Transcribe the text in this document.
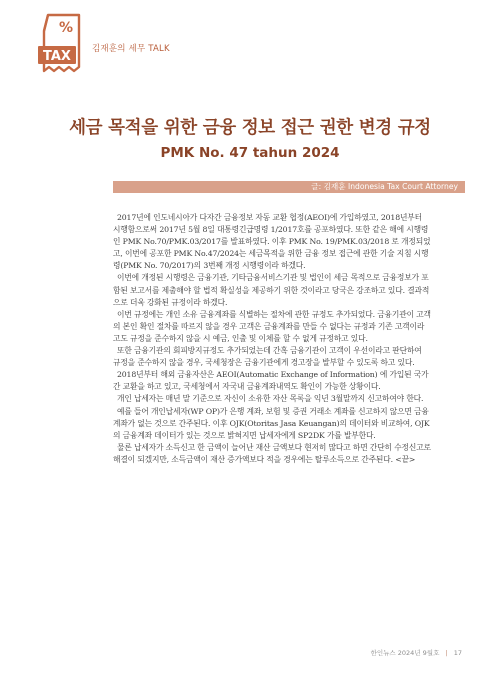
%
TAX 김재훈의 세무 TALK
세금 목적을 위한 금융 정보 접근 권한 변경 규정
PMK No. 47 tahun 2024
글: 김재훈 Indonesia Tax Court Attorney

2017년에 인도네시아가 다자간 금융정보 자동 교환 협정(AEOI)에 가입하였고, 2018년부터 시행함으로써 2017년 5월 8일 대통령긴급명령 1/2017호를 공포하였다. 또한 같은 해에 시행령인 PMK No.70/PMK.03/2017를 발표하였다. 이후 PMK No. 19/PMK.03/2018 로 개정되었고, 이번에 공포한 PMK No.47/2024는 세금목적을 위한 금융 정보 접근에 관한 기술 지침 시행령(PMK No. 70/2017)의 3번째 개정 시행령이라 하겠다.

이번에 개정된 시행령은 금융기관, 기타금융서비스기관 및 법인이 세금 목적으로 금융정보가 포함된 보고서를 제출해야 할 법적 확실성을 제공하기 위한 것이라고 당국은 강조하고 있다. 결과적으로 더욱 강화된 규정이라 하겠다.

이번 규정에는 개인 소유 금융계좌를 식별하는 절차에 관한 규정도 추가되었다. 금융기관이 고객의 본인 확인 절차를 따르지 않을 경우 고객은 금융계좌를 만들 수 없다는 규정과 기존 고객이라고도 규정을 준수하지 않을 시 예금, 인출 및 이체를 할 수 없게 규정하고 있다.

또한 금융기관의 회피방지규정도 추가되었는데 간혹 금융기관이 고객이 우선이라고 판단하여 규정을 준수하지 않을 경우, 국세청장은 금융기관에게 경고장을 발부할 수 있도록 하고 있다.

2018년부터 해외 금융자산은 AEOI(Automatic Exchange of Information) 에 가입된 국가간 교환을 하고 있고, 국세청에서 자국내 금융계좌내역도 확인이 가능한 상황이다.

개인 납세자는 매년 말 기준으로 자신이 소유한 자산 목록을 익년 3월말까지 신고하여야 한다.

예를 들어 개인납세자(WP OP)가 은행 계좌, 보험 및 증권 거래소 계좌를 신고하지 않으면 금융계좌가 없는 것으로 간주된다. 이후 OJK(Otoritas Jasa Keuangan)의 데이터와 비교하여, OJK 의 금융계좌 데이터가 있는 것으로 밝혀지면 납세자에게 SP2DK 가를 발부한다.

물론 납세자가 소득신고 한 금액이 늘어난 재산 금액보다 현저히 많다고 하면 간단히 수정신고로 해결이 되겠지만, 소득금액이 재산 증가액보다 적을 경우에는 탈루소득으로 간주된다. <끝>

한인뉴스 2024년 9월호 | 17
